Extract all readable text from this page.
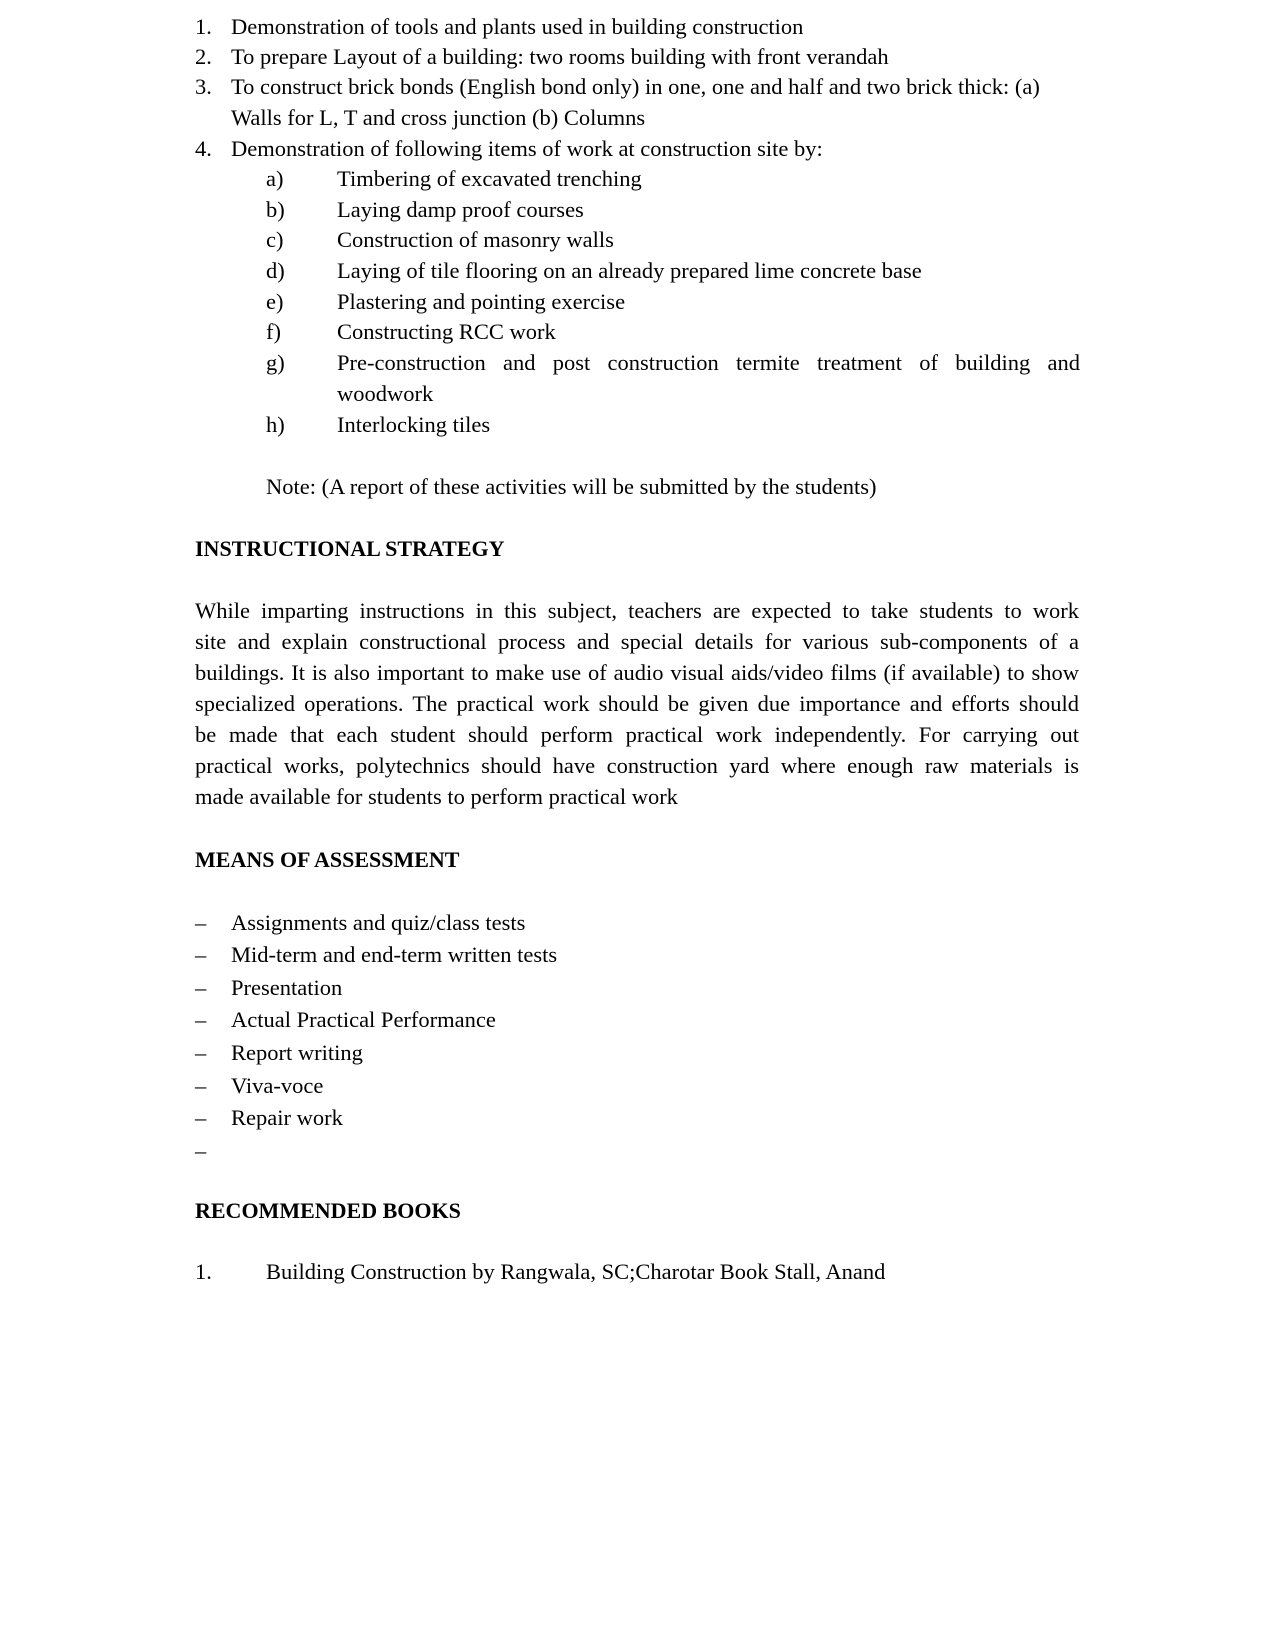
1. Demonstration of tools and plants used in building construction
2. To prepare Layout of a building: two rooms building with front verandah
3. To construct brick bonds (English bond only) in one, one and half and two brick thick: (a)
Walls for L, T and cross junction (b) Columns
4. Demonstration of following items of work at construction site by:
a) Timbering of excavated trenching
b) Laying damp proof courses
c) Construction of masonry walls
d) Laying of tile flooring on an already prepared lime concrete base
e) Plastering and pointing exercise
f) Constructing RCC work
g) Pre-construction and post construction termite treatment of building and
woodwork
h) Interlocking tiles
Note: (A report of these activities will be submitted by the students)
INSTRUCTIONAL STRATEGY
While imparting instructions in this subject, teachers are expected to take students to work
site and explain constructional process and special details for various sub-components of a
buildings. It is also important to make use of audio visual aids/video films (if available) to show
specialized operations. The practical work should be given due importance and efforts should
be made that each student should perform practical work independently. For carrying out
practical works, polytechnics should have construction yard where enough raw materials is
made available for students to perform practical work
MEANS OF ASSESSMENT
– Assignments and quiz/class tests
– Mid-term and end-term written tests
– Presentation
– Actual Practical Performance
– Report writing
– Viva-voce
– Repair work
–
RECOMMENDED BOOKS
1. Building Construction by Rangwala, SC;Charotar Book Stall, Anand
